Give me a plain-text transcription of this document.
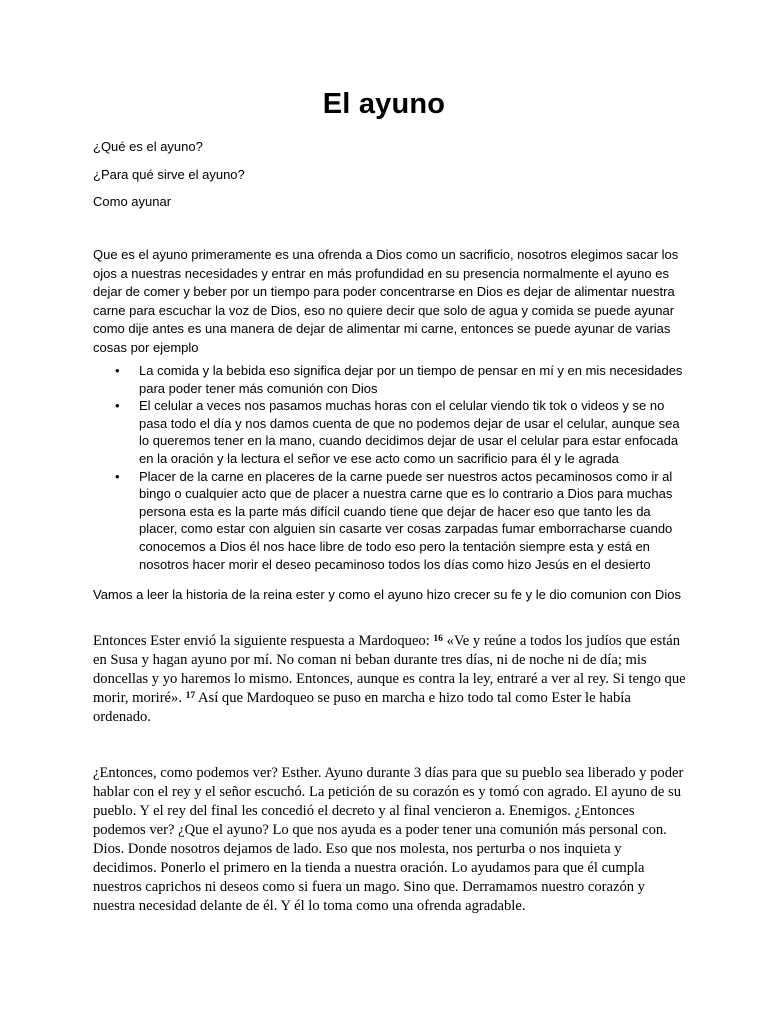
El ayuno

¿Qué es el ayuno?

¿Para qué sirve el ayuno?

Como ayunar

Que es el ayuno primeramente es una ofrenda a Dios como un sacrificio, nosotros elegimos sacar los ojos a nuestras necesidades y entrar en más profundidad en su presencia normalmente el ayuno es dejar de comer y beber por un tiempo para poder concentrarse en Dios es dejar de alimentar nuestra carne para escuchar la voz de Dios, eso no quiere decir que solo de agua y comida se puede ayunar como dije antes es una manera de dejar de alimentar mi carne, entonces se puede ayunar de varias cosas por ejemplo

• La comida y la bebida eso significa dejar por un tiempo de pensar en mí y en mis necesidades para poder tener más comunión con Dios
• El celular a veces nos pasamos muchas horas con el celular viendo tik tok o videos y se no pasa todo el día y nos damos cuenta de que no podemos dejar de usar el celular, aunque sea lo queremos tener en la mano, cuando decidimos dejar de usar el celular para estar enfocada en la oración y la lectura el señor ve ese acto como un sacrificio para él y le agrada
• Placer de la carne en placeres de la carne puede ser nuestros actos pecaminosos como ir al bingo o cualquier acto que de placer a nuestra carne que es lo contrario a Dios para muchas persona esta es la parte más difícil cuando tiene que dejar de hacer eso que tanto les da placer, como estar con alguien sin casarte ver cosas zarpadas fumar emborracharse cuando conocemos a Dios él nos hace libre de todo eso pero la tentación siempre esta y está en nosotros hacer morir el deseo pecaminoso todos los días como hizo Jesús en el desierto

Vamos a leer la historia de la reina ester y como el ayuno hizo crecer su fe y le dio comunion con Dios

Entonces Ester envió la siguiente respuesta a Mardoqueo: $^{16}$ «Ve y reúne a todos los judíos que están en Susa y hagan ayuno por mí. No coman ni beban durante tres días, ni de noche ni de día; mis doncellas y yo haremos lo mismo. Entonces, aunque es contra la ley, entraré a ver al rey. Si tengo que morir, moriré». $^{17}$ Así que Mardoqueo se puso en marcha e hizo todo tal como Ester le había ordenado.

¿Entonces, como podemos ver? Esther. Ayuno durante 3 días para que su pueblo sea liberado y poder hablar con el rey y el señor escuchó. La petición de su corazón es y tomó con agrado. El ayuno de su pueblo. Y el rey del final les concedió el decreto y al final vencieron a. Enemigos. ¿Entonces podemos ver? ¿Que el ayuno? Lo que nos ayuda es a poder tener una comunión más personal con. Dios. Donde nosotros dejamos de lado. Eso que nos molesta, nos perturba o nos inquieta y decidimos. Ponerlo el primero en la tienda a nuestra oración. Lo ayudamos para que él cumpla nuestros caprichos ni deseos como si fuera un mago. Sino que. Derramamos nuestro corazón y nuestra necesidad delante de él. Y él lo toma como una ofrenda agradable.
